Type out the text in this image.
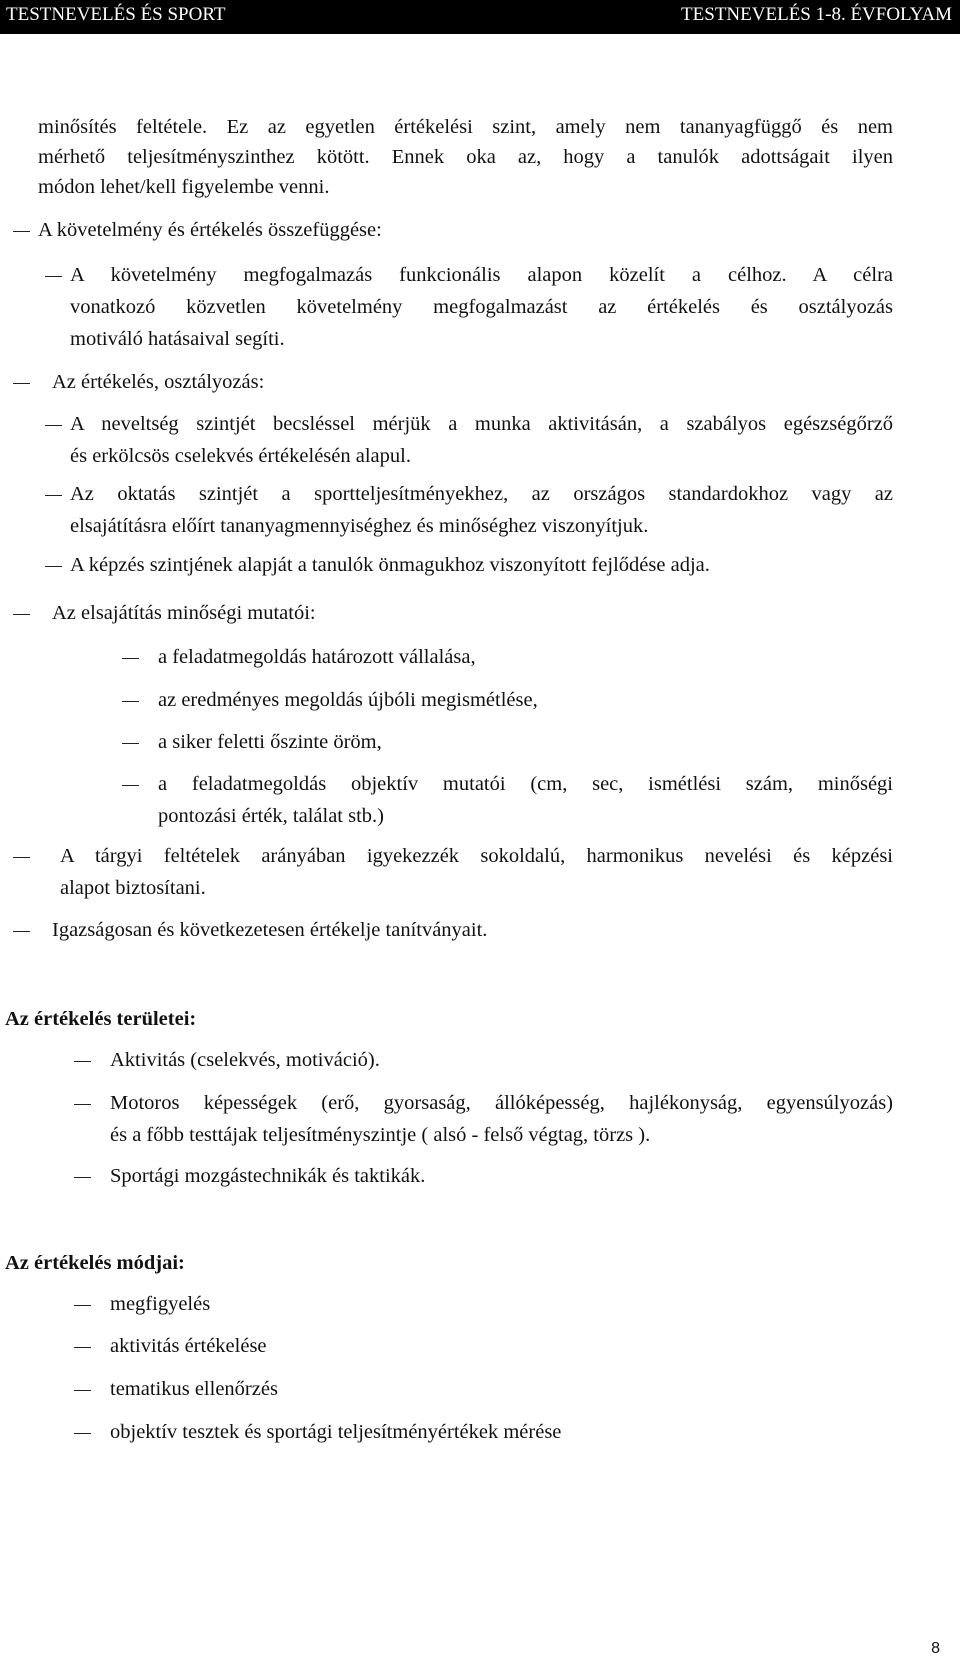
TESTNEVELÉS ÉS SPORT	TESTNEVELÉS 1-8. ÉVFOLYAM
minősítés feltétele. Ez az egyetlen értékelési szint, amely nem tananyagfüggő és nem
mérhető teljesítményszinthez kötött. Ennek oka az, hogy a tanulók adottságait ilyen
módon lehet/kell figyelembe venni.
A követelmény és értékelés összefüggése:
A követelmény megfogalmazás funkcionális alapon közelít a célhoz. A célra
vonatkozó közvetlen követelmény megfogalmazást az értékelés és osztályozás
motiváló hatásaival segíti.
Az értékelés, osztályozás:
A neveltség szintjét becsléssel mérjük a munka aktivitásán, a szabályos egészségőrző
és erkölcsös cselekvés értékelésén alapul.
Az oktatás szintjét a sportteljesítményekhez, az országos standardokhoz vagy az
elsajátításra előírt tananyagmennyiséghez és minőséghez viszonyítjuk.
A képzés szintjének alapját a tanulók önmagukhoz viszonyított fejlődése adja.
Az elsajátítás minőségi mutatói:
a feladatmegoldás határozott vállalása,
az eredményes megoldás újbóli megismétlése,
a siker feletti őszinte öröm,
a feladatmegoldás objektív mutatói (cm, sec, ismétlési szám, minőségi
pontozási érték, találat stb.)
A tárgyi feltételek arányában igyekezzék sokoldalú, harmonikus nevelési és képzési
alapot biztosítani.
Igazságosan és következetesen értékelje tanítványait.
Az értékelés területei:
Aktivitás (cselekvés, motiváció).
Motoros képességek (erő, gyorsaság, állóképesség, hajlékonyság, egyensúlyozás)
és a főbb testtájak teljesítményszintje ( alsó - felső végtag, törzs ).
Sportági mozgástechnikák és taktikák.
Az értékelés módjai:
megfigyelés
aktivitás értékelése
tematikus ellenőrzés
objektív tesztek és sportági teljesítményértékek mérése
8
